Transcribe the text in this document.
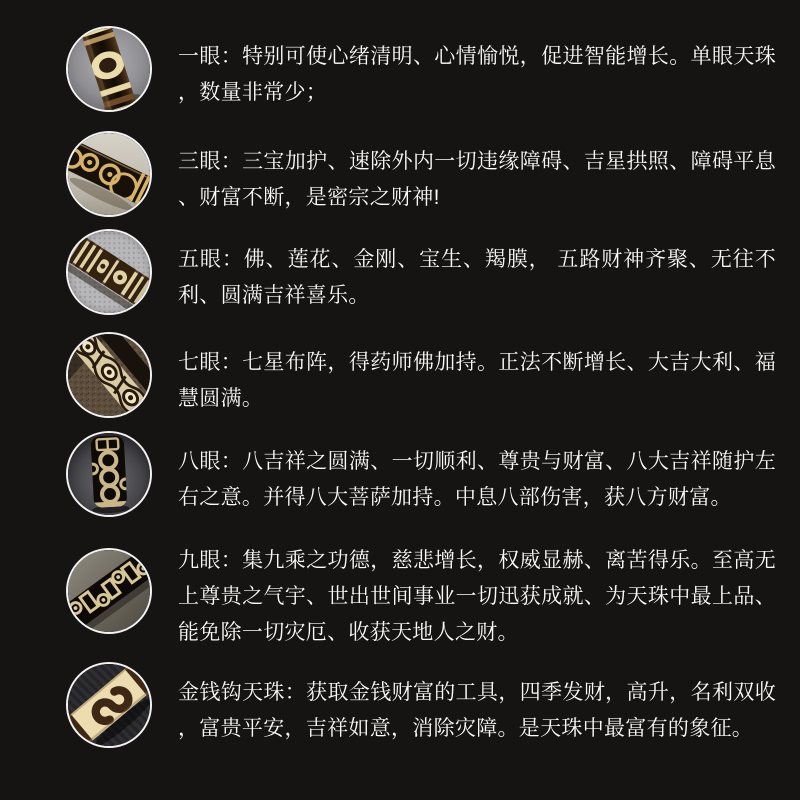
一眼：特别可使心绪清明、心情愉悦，促进智能增长。单眼天珠，数量非常少；

三眼：三宝加护、速除外内一切违缘障碍、吉星拱照、障碍平息、财富不断，是密宗之财神!

五眼：佛、莲花、金刚、宝生、羯膜， 五路财神齐聚、无往不利、圆满吉祥喜乐。

七眼：七星布阵，得药师佛加持。正法不断增长、大吉大利、福慧圆满。

八眼：八吉祥之圆满、一切顺利、尊贵与财富、八大吉祥随护左右之意。并得八大菩萨加持。中息八部伤害，获八方财富。

九眼：集九乘之功德，慈悲增长，权威显赫、离苦得乐。至高无上尊贵之气宇、世出世间事业一切迅获成就、为天珠中最上品、能免除一切灾厄、收获天地人之财。

金钱钩天珠：获取金钱财富的工具，四季发财，高升，名利双收，富贵平安，吉祥如意，消除灾障。是天珠中最富有的象征。
